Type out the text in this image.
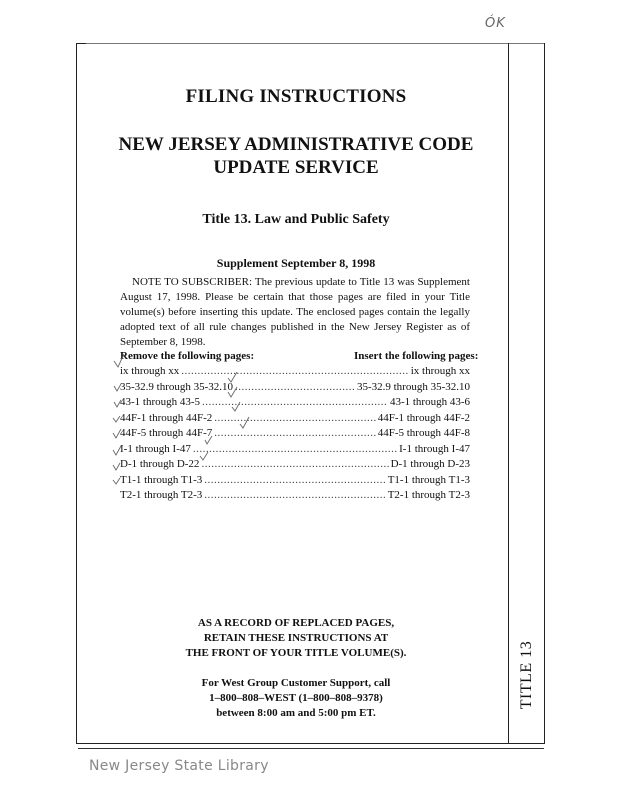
ÓK
FILING INSTRUCTIONS
NEW JERSEY ADMINISTRATIVE CODE
UPDATE SERVICE
Title 13. Law and Public Safety
Supplement September 8, 1998
NOTE TO SUBSCRIBER: The previous update to Title 13 was Supplement August 17, 1998. Please be certain that those pages are filed in your Title volume(s) before inserting this update. The enclosed pages contain the legally adopted text of all rule changes published in the New Jersey Register as of September 8, 1998.
Remove the following pages:	Insert the following pages:
ix through xx .....	ix through xx
35-32.9 through 35-32.10 .....	35-32.9 through 35-32.10
43-1 through 43-5 .....	43-1 through 43-6
44F-1 through 44F-2 .....	44F-1 through 44F-2
44F-5 through 44F-7 .....	44F-5 through 44F-8
I-1 through I-47 .....	I-1 through I-47
D-1 through D-22 .....	D-1 through D-23
T1-1 through T1-3 .....	T1-1 through T1-3
T2-1 through T2-3 .....	T2-1 through T2-3
AS A RECORD OF REPLACED PAGES,
RETAIN THESE INSTRUCTIONS AT
THE FRONT OF YOUR TITLE VOLUME(S).
For West Group Customer Support, call
1–800–808–WEST (1–800–808–9378)
between 8:00 am and 5:00 pm ET.
TITLE 13
New Jersey State Library
